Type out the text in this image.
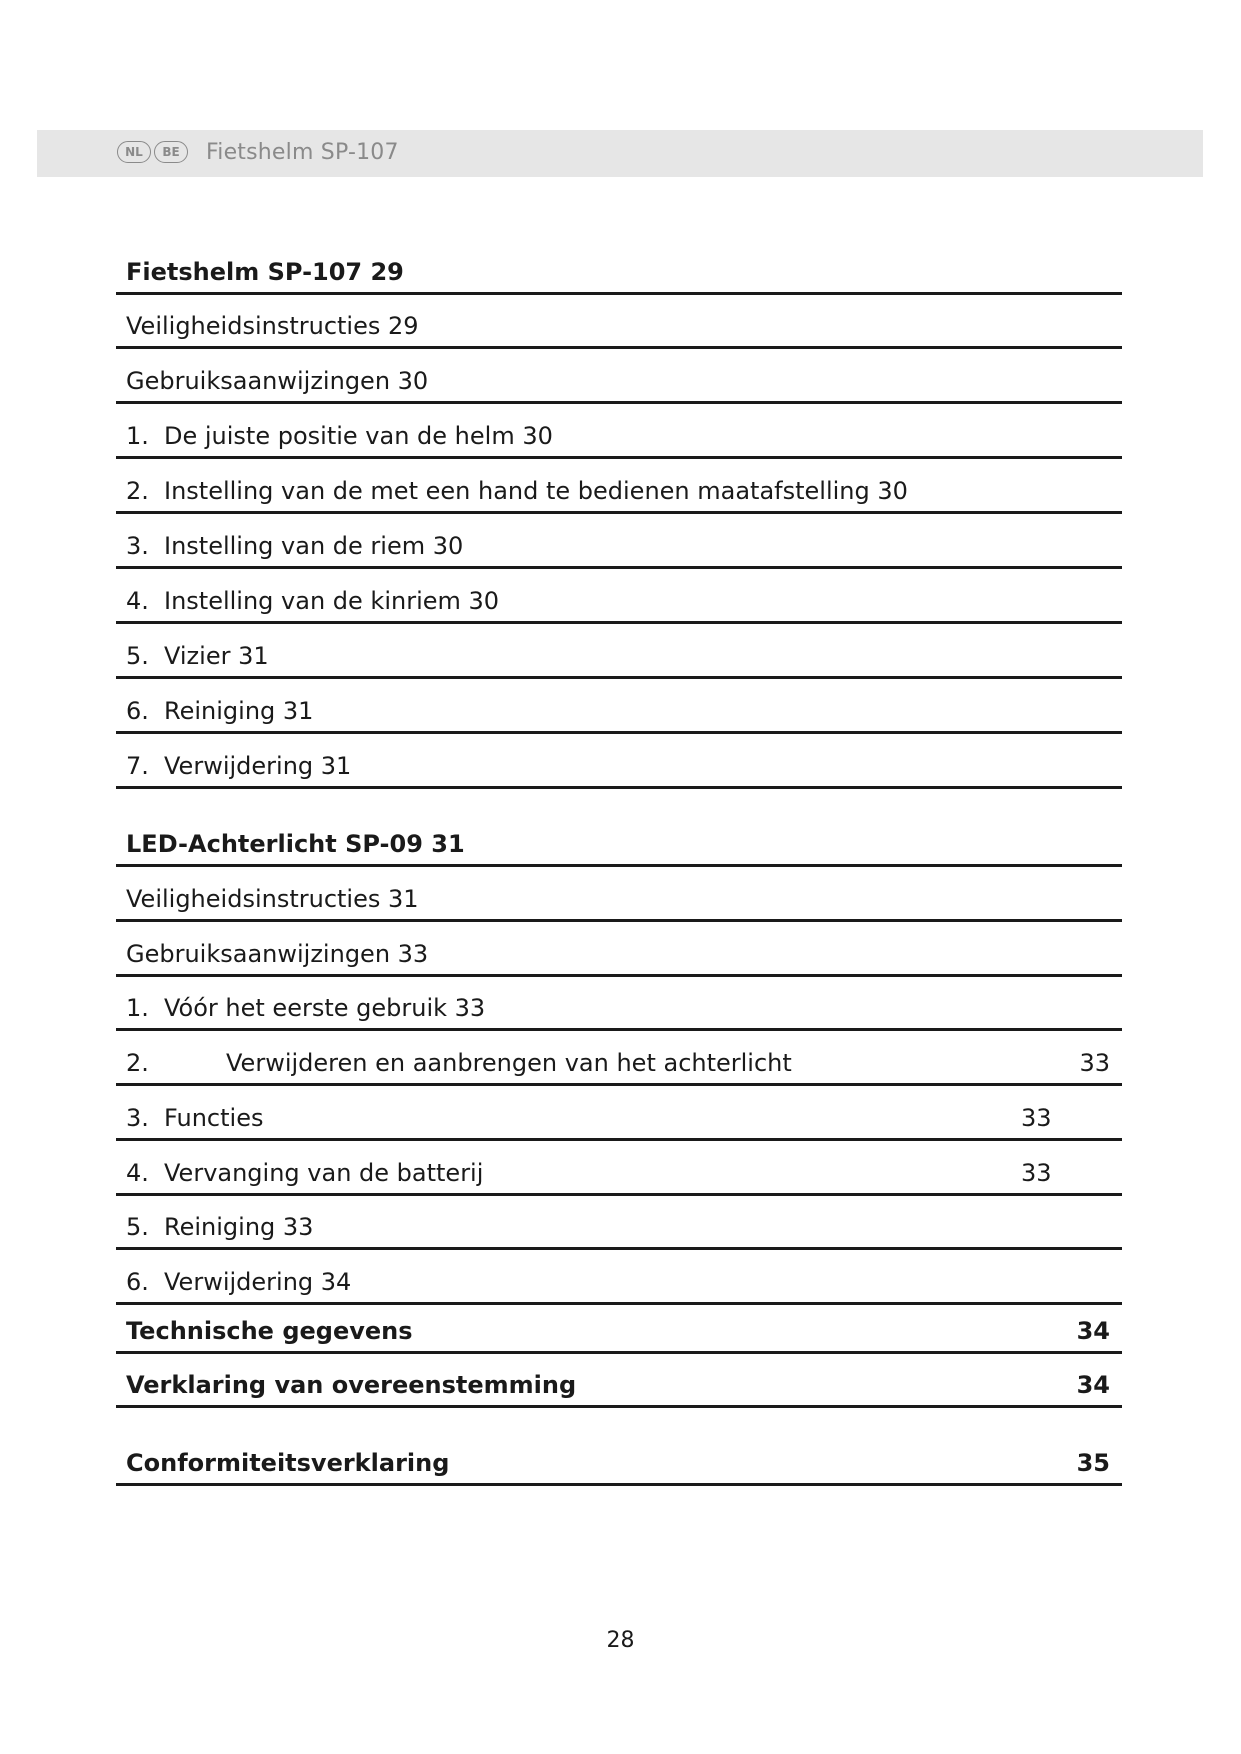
NL	BE	Fietshelm SP-107
Fietshelm SP-107 29
Veiligheidsinstructies 29
Gebruiksaanwijzingen 30
1. De juiste positie van de helm 30
2. Instelling van de met een hand te bedienen maatafstelling 30
3. Instelling van de riem 30
4. Instelling van de kinriem 30
5. Vizier 31
6. Reiniging 31
7. Verwijdering 31
LED-Achterlicht SP-09 31
Veiligheidsinstructies 31
Gebruiksaanwijzingen 33
1. Vóór het eerste gebruik 33
2.	Verwijderen en aanbrengen van het achterlicht	33
3. Functies	33
4. Vervanging van de batterij	33
5. Reiniging 33
6. Verwijdering 34
Technische gegevens	34
Verklaring van overeenstemming	34
Conformiteitsverklaring	35
28
